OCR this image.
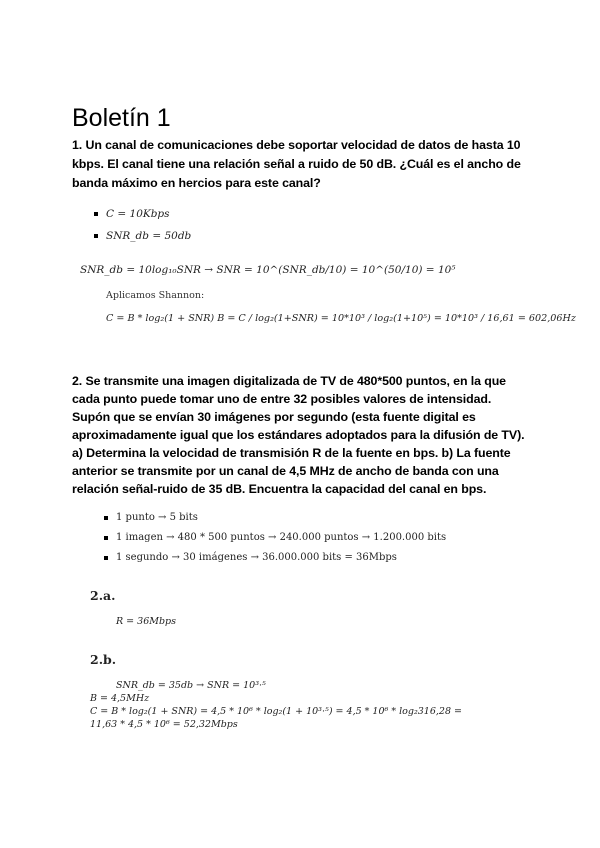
Boletín 1
1. Un canal de comunicaciones debe soportar velocidad de datos de hasta 10
kbps. El canal tiene una relación señal a ruido de 50 dB. ¿Cuál es el ancho de
banda máximo en hercios para este canal?
C = 10Kbps
SNR_db = 50db
SNR_db = 10log₁₀SNR → SNR = 10^(SNR_db/10) = 10^(50/10) = 10⁵
Aplicamos Shannon:
C = B * log₂(1 + SNR) B = C / log₂(1+SNR) = 10*10³ / log₂(1+10⁵) = 10*10³ / 16,61 = 602,06Hz
2. Se transmite una imagen digitalizada de TV de 480*500 puntos, en la que
cada punto puede tomar uno de entre 32 posibles valores de intensidad.
Supón que se envían 30 imágenes por segundo (esta fuente digital es
aproximadamente igual que los estándares adoptados para la difusión de TV).
a) Determina la velocidad de transmisión R de la fuente en bps. b) La fuente
anterior se transmite por un canal de 4,5 MHz de ancho de banda con una
relación señal-ruido de 35 dB. Encuentra la capacidad del canal en bps.
1 punto → 5 bits
1 imagen → 480 * 500 puntos → 240.000 puntos → 1.200.000 bits
1 segundo → 30 imágenes → 36.000.000 bits = 36Mbps
2.a.
R = 36Mbps
2.b.
SNR_db = 35db → SNR = 10³·⁵
B = 4,5MHz
C = B * log₂(1 + SNR) = 4,5 * 10⁶ * log₂(1 + 10³·⁵) = 4,5 * 10⁶ * log₂316,28 =
11,63 * 4,5 * 10⁶ = 52,32Mbps
